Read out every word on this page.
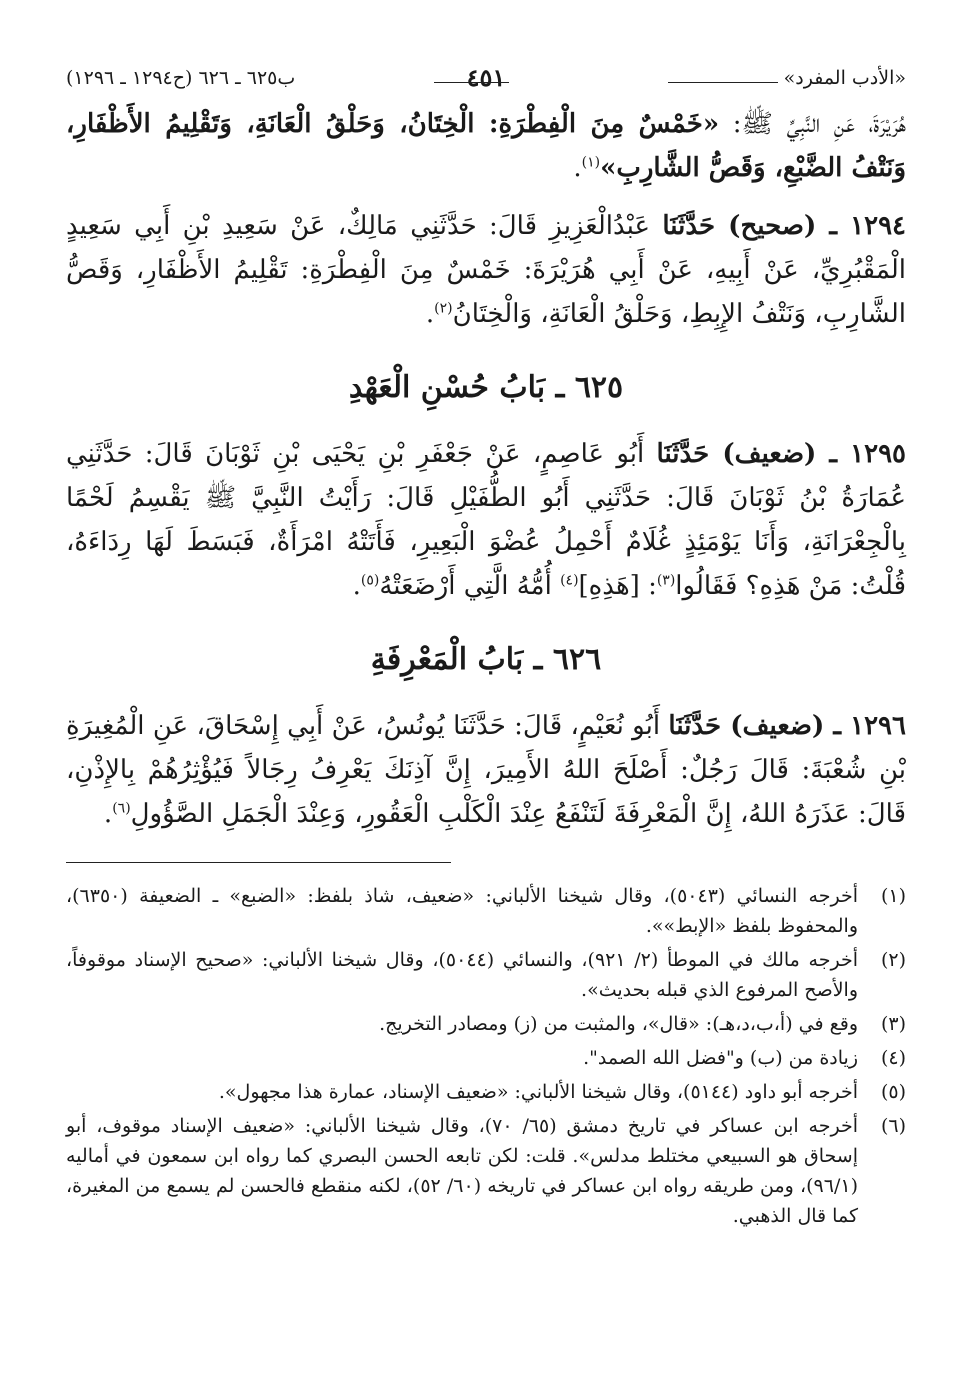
«الأدب المفرد»
٤٥١
ب٦٢٥ ـ ٦٢٦ (ح١٢٩٤ ـ ١٢٩٦)

هُرَيْرَةَ، عَنِ النَّبِيِّ ﷺ: «خَمْسٌ مِنَ الْفِطْرَةِ: الْخِتَانُ، وَحَلْقُ الْعَانَةِ، وَتَقْلِيمُ الأَظْفَارِ، وَنَتْفُ الضَّبْعِ، وَقَصُّ الشَّارِبِ»$^{(١)}$.

١٢٩٤ ـ (صحيح) حَدَّثَنَا عَبْدُالْعَزِيزِ قَالَ: حَدَّثَنِي مَالِكٌ، عَنْ سَعِيدِ بْنِ أَبِي سَعِيدٍ الْمَقْبُرِيِّ، عَنْ أَبِيهِ، عَنْ أَبِي هُرَيْرَةَ: خَمْسٌ مِنَ الْفِطْرَةِ: تَقْلِيمُ الأَظْفَارِ، وَقَصُّ الشَّارِبِ، وَنَتْفُ الإِبِطِ، وَحَلْقُ الْعَانَةِ، وَالْخِتَانُ$^{(٢)}$.

٦٢٥ ـ بَابُ حُسْنِ الْعَهْدِ

١٢٩٥ ـ (ضعيف) حَدَّثَنَا أَبُو عَاصِمٍ، عَنْ جَعْفَرِ بْنِ يَحْيَى بْنِ ثَوْبَانَ قَالَ: حَدَّثَنِي عُمَارَةُ بْنُ ثَوْبَانَ قَالَ: حَدَّثَنِي أَبُو الطُّفَيْلِ قَالَ: رَأَيْتُ النَّبِيَّ ﷺ يَقْسِمُ لَحْمًا بِالْجِعْرَانَةِ، وَأَنَا يَوْمَئِذٍ غُلَامٌ أَحْمِلُ عُضْوَ الْبَعِيرِ، فَأَتَتْهُ امْرَأَةٌ، فَبَسَطَ لَهَا رِدَاءَهُ، قُلْتُ: مَنْ هَذِهِ؟ فَقَالُوا$^{(٣)}$: [هَذِهِ]$^{(٤)}$ أُمُّهُ الَّتِي أَرْضَعَتْهُ$^{(٥)}$.

٦٢٦ ـ بَابُ الْمَعْرِفَةِ

١٢٩٦ ـ (ضعيف) حَدَّثَنَا أَبُو نُعَيْمٍ، قَالَ: حَدَّثَنَا يُونُسُ، عَنْ أَبِي إِسْحَاقَ، عَنِ الْمُغِيرَةِ بْنِ شُعْبَةَ: قَالَ رَجُلٌ: أَصْلَحَ اللهُ الأَمِيرَ، إِنَّ آذِنَكَ يَعْرِفُ رِجَالاً فَيُؤْثِرُهُمْ بِالإِذْنِ، قَالَ: عَذَرَهُ اللهُ، إِنَّ الْمَعْرِفَةَ لَتَنْفَعُ عِنْدَ الْكَلْبِ الْعَقُورِ، وَعِنْدَ الْجَمَلِ الصَّؤُولِ$^{(٦)}$.

(١)
أخرجه النسائي (٥٠٤٣)، وقال شيخنا الألباني: «ضعيف، شاذ بلفظ: «الضبع» ـ الضعيفة (٦٣٥٠)، والمحفوظ بلفظ «الإبط»».
(٢)
أخرجه مالك في الموطأ (٢/ ٩٢١)، والنسائي (٥٠٤٤)، وقال شيخنا الألباني: «صحيح الإسناد موقوفاً، والأصح المرفوع الذي قبله بحديث».
(٣)
وقع في (أ،ب،د،هـ): «قال»، والمثبت من (ز) ومصادر التخريج.
(٤)
زيادة من (ب) و"فضل الله الصمد".
(٥)
أخرجه أبو داود (٥١٤٤)، وقال شيخنا الألباني: «ضعيف الإسناد، عمارة هذا مجهول».
(٦)
أخرجه ابن عساكر في تاريخ دمشق (٦٥/ ٧٠)، وقال شيخنا الألباني: «ضعيف الإسناد موقوف، أبو إسحاق هو السبيعي مختلط مدلس». قلت: لكن تابعه الحسن البصري كما رواه ابن سمعون في أماليه (٩٦/١)، ومن طريقه رواه ابن عساكر في تاريخه (٦٠/ ٥٢)، لكنه منقطع فالحسن لم يسمع من المغيرة، كما قال الذهبي.
